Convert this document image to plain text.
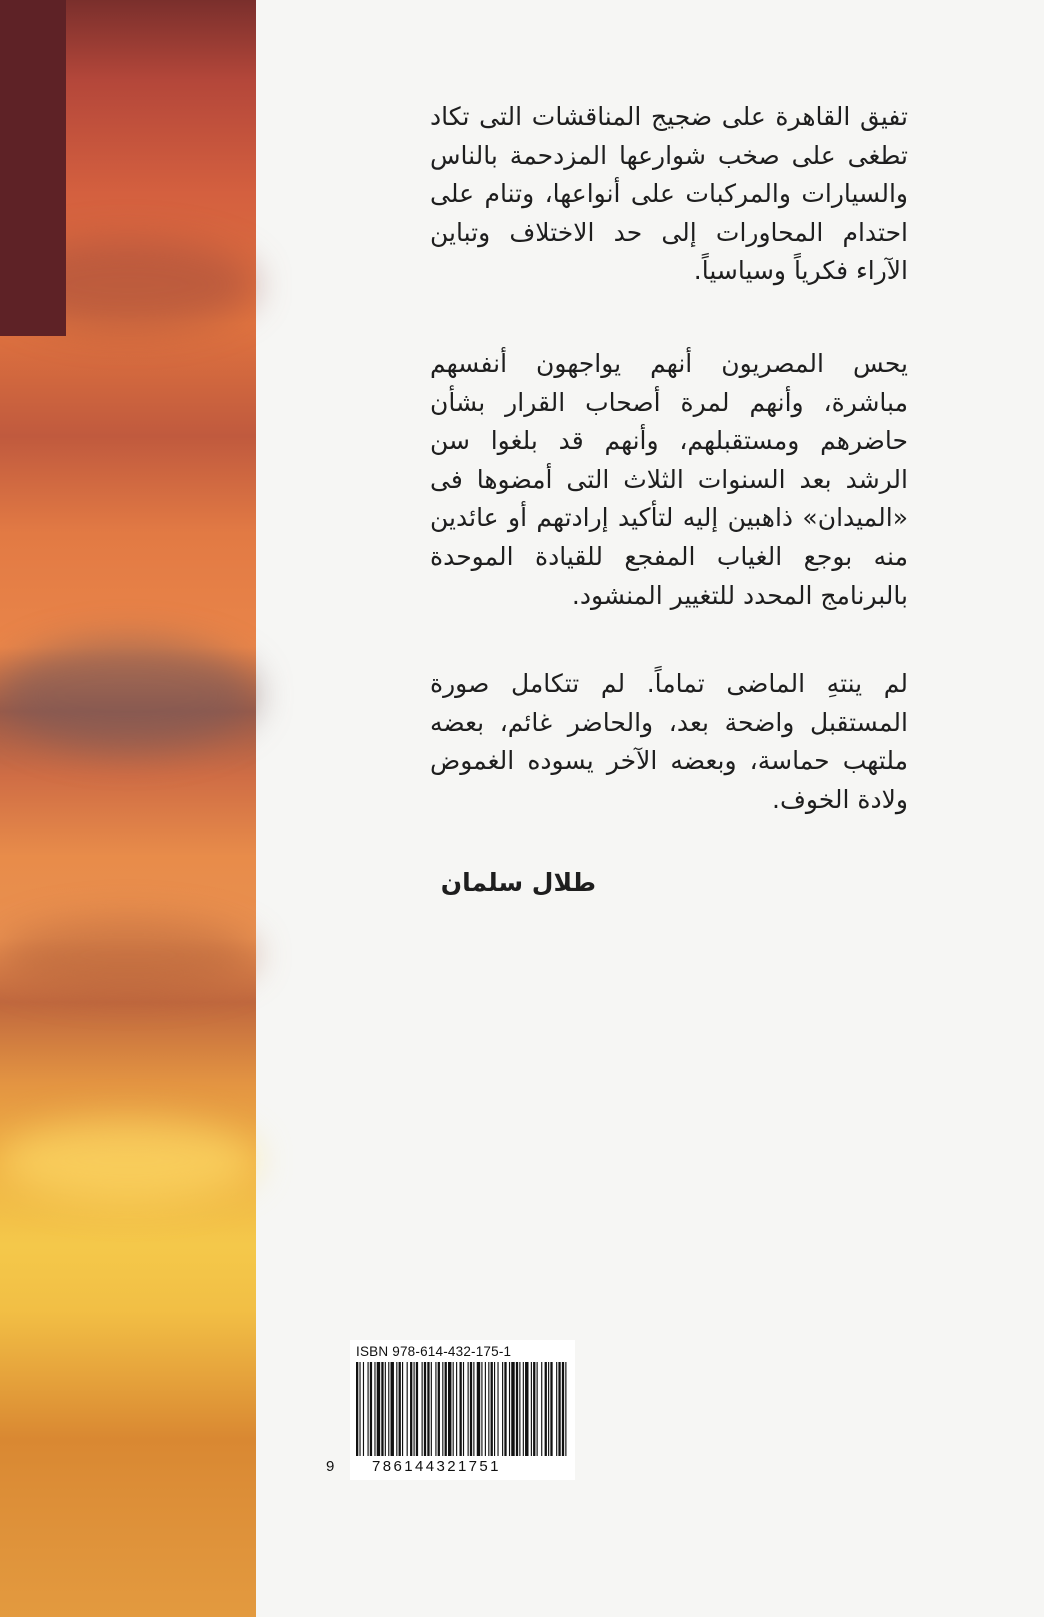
تفيق القاهرة على ضجيج المناقشات التى تكاد تطغى على صخب شوارعها المزدحمة بالناس والسيارات والمركبات على أنواعها، وتنام على احتدام المحاورات إلى حد الاختلاف وتباين الآراء فكرياً وسياسياً.

يحس المصريون أنهم يواجهون أنفسهم مباشرة، وأنهم لمرة أصحاب القرار بشأن حاضرهم ومستقبلهم، وأنهم قد بلغوا سن الرشد بعد السنوات الثلاث التى أمضوها فى «الميدان» ذاهبين إليه لتأكيد إرادتهم أو عائدين منه بوجع الغياب المفجع للقيادة الموحدة بالبرنامج المحدد للتغيير المنشود.

لم ينتهِ الماضى تماماً. لم تتكامل صورة المستقبل واضحة بعد، والحاضر غائم، بعضه ملتهب حماسة، وبعضه الآخر يسوده الغموض ولادة الخوف.

طلال سلمان
ISBN 978-614-432-175-1
9	786144321751
